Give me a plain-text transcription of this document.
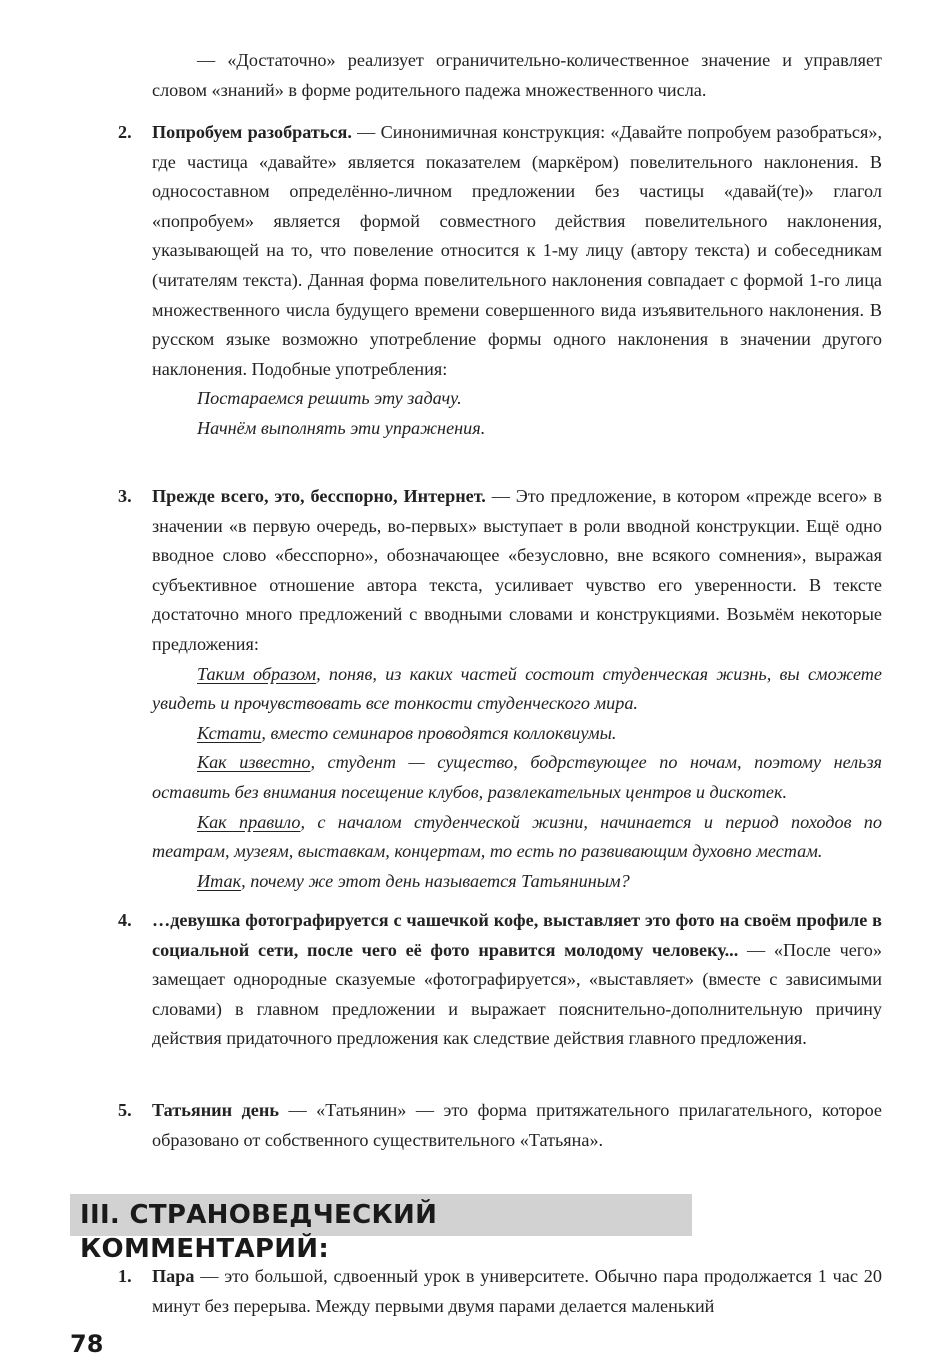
— «Достаточно» реализует ограничительно-количественное значение и управляет словом «знаний» в форме родительного падежа множественного числа.

2. Попробуем разобраться. — Синонимичная конструкция: «Давайте попробуем разобраться», где частица «давайте» является показателем (маркёром) повелительного наклонения. В односоставном определённо-личном предложении без частицы «давай(те)» глагол «попробуем» является формой совместного действия повелительного наклонения, указывающей на то, что повеление относится к 1-му лицу (автору текста) и собеседникам (читателям текста). Данная форма повелительного наклонения совпадает с формой 1-го лица множественного числа будущего времени совершенного вида изъявительного наклонения. В русском языке возможно употребление формы одного наклонения в значении другого наклонения. Подобные употребления:

Постараемся решить эту задачу.

Начнём выполнять эти упражнения.

3. Прежде всего, это, бесспорно, Интернет. — Это предложение, в котором «прежде всего» в значении «в первую очередь, во-первых» выступает в роли вводной конструкции. Ещё одно вводное слово «бесспорно», обозначающее «безусловно, вне всякого сомнения», выражая субъективное отношение автора текста, усиливает чувство его уверенности. В тексте достаточно много предложений с вводными словами и конструкциями. Возьмём некоторые предложения:

Таким образом, поняв, из каких частей состоит студенческая жизнь, вы сможете увидеть и прочувствовать все тонкости студенческого мира.

Кстати, вместо семинаров проводятся коллоквиумы.

Как известно, студент — существо, бодрствующее по ночам, поэтому нельзя оставить без внимания посещение клубов, развлекательных центров и дискотек.

Как правило, с началом студенческой жизни, начинается и период походов по театрам, музеям, выставкам, концертам, то есть по развивающим духовно местам.

Итак, почему же этот день называется Татьяниным?

4. …девушка фотографируется с чашечкой кофе, выставляет это фото на своём профиле в социальной сети, после чего её фото нравится молодому человеку... — «После чего» замещает однородные сказуемые «фотографируется», «выставляет» (вместе с зависимыми словами) в главном предложении и выражает пояснительно-дополнительную причину действия придаточного предложения как следствие действия главного предложения.

5. Татьянин день — «Татьянин» — это форма притяжательного прилагательного, которое образовано от собственного существительного «Татьяна».

III. СТРАНОВЕДЧЕСКИЙ КОММЕНТАРИЙ:
1. Пара — это большой, сдвоенный урок в университете. Обычно пара продолжается 1 час 20 минут без перерыва. Между первыми двумя парами делается маленький

78
